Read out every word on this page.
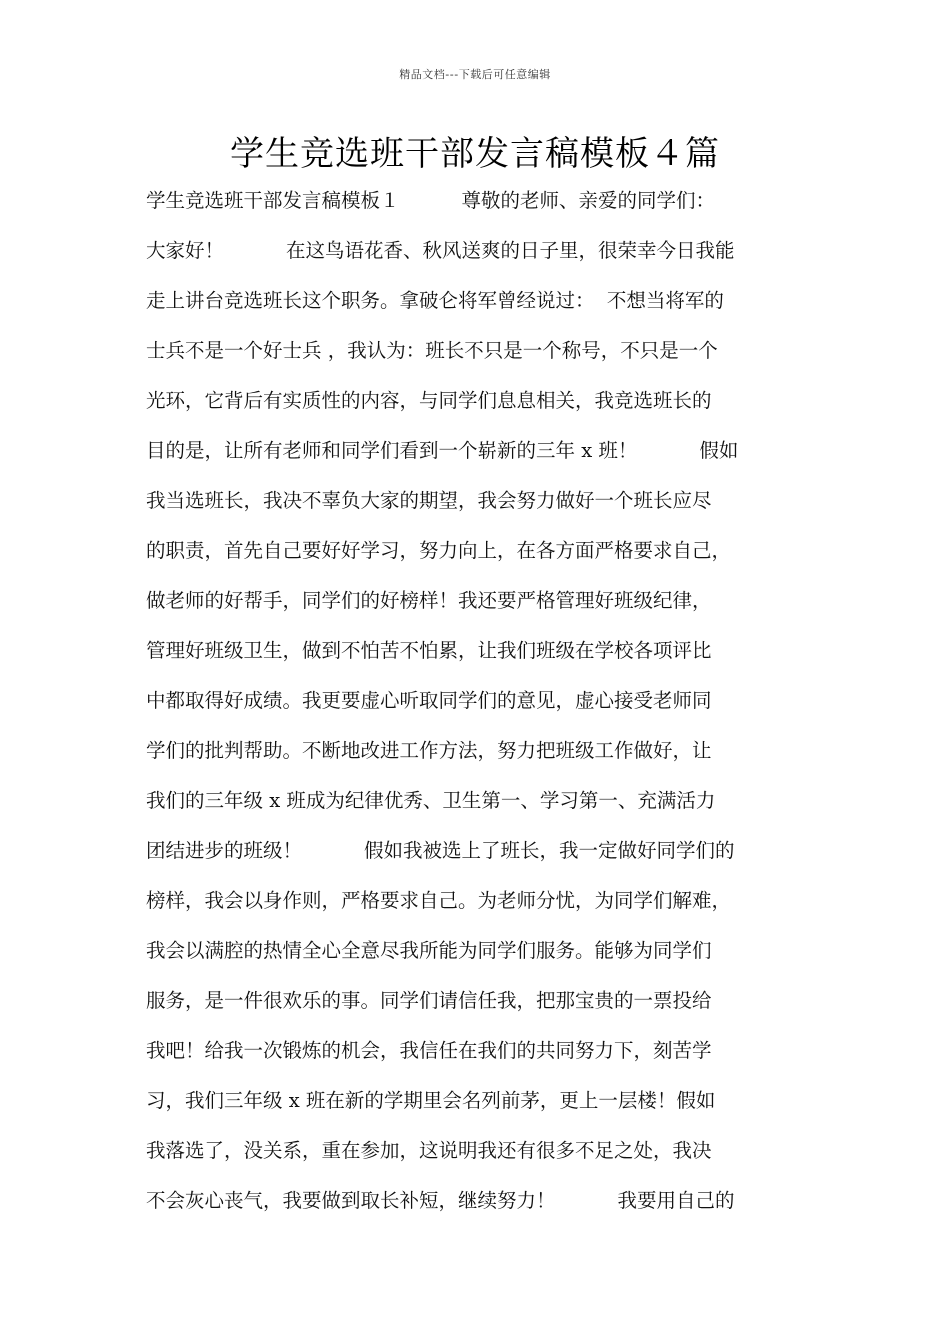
精品文档---下载后可任意编辑
学生竞选班干部发言稿模板４篇
学生竞选班干部发言稿模板１          尊敬的老师、亲爱的同学们：
大家好！          在这鸟语花香、秋风送爽的日子里，很荣幸今日我能
走上讲台竞选班长这个职务。拿破仑将军曾经说过：  不想当将军的
士兵不是一个好士兵 ，我认为：班长不只是一个称号，不只是一个
光环，它背后有实质性的内容，与同学们息息相关，我竞选班长的
目的是，让所有老师和同学们看到一个崭新的三年 x 班！          假如
我当选班长，我决不辜负大家的期望，我会努力做好一个班长应尽
的职责，首先自己要好好学习，努力向上，在各方面严格要求自己，
做老师的好帮手，同学们的好榜样！我还要严格管理好班级纪律，
管理好班级卫生，做到不怕苦不怕累，让我们班级在学校各项评比
中都取得好成绩。我更要虚心听取同学们的意见，虚心接受老师同
学们的批判帮助。不断地改进工作方法，努力把班级工作做好，让
我们的三年级 x 班成为纪律优秀、卫生第一、学习第一、充满活力
团结进步的班级！          假如我被选上了班长，我一定做好同学们的
榜样，我会以身作则，严格要求自己。为老师分忧，为同学们解难，
我会以满腔的热情全心全意尽我所能为同学们服务。能够为同学们
服务，是一件很欢乐的事。同学们请信任我，把那宝贵的一票投给
我吧！给我一次锻炼的机会，我信任在我们的共同努力下，刻苦学
习，我们三年级 x 班在新的学期里会名列前茅，更上一层楼！假如
我落选了，没关系，重在参加，这说明我还有很多不足之处，我决
不会灰心丧气，我要做到取长补短，继续努力！          我要用自己的
